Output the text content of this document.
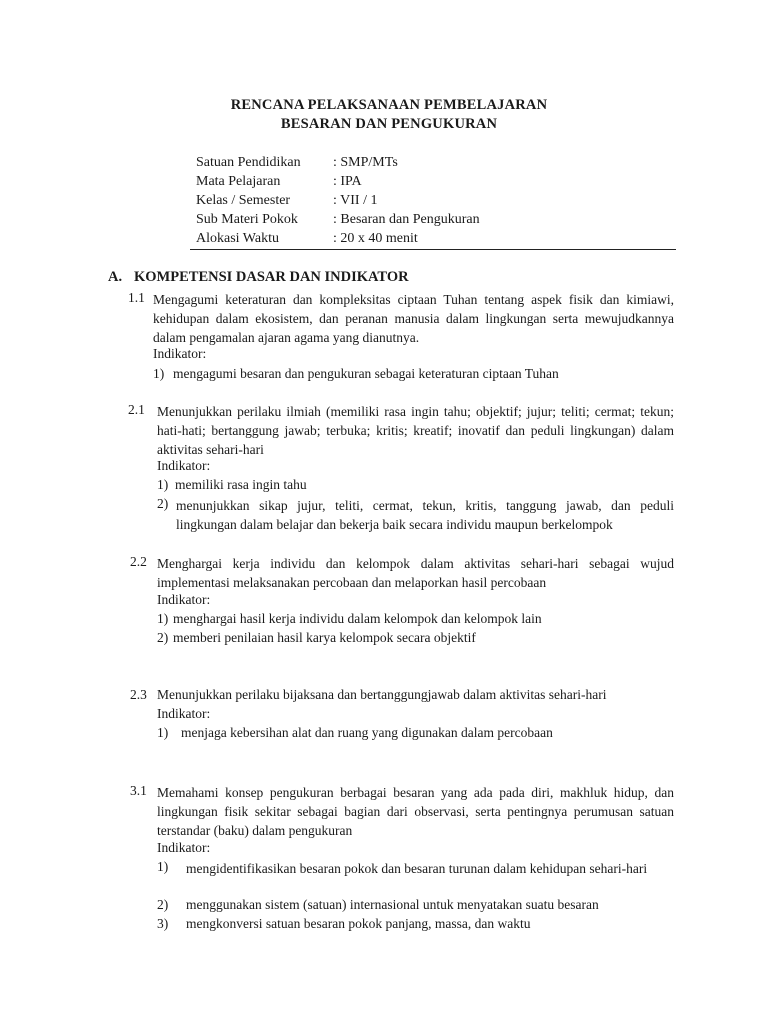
RENCANA PELAKSANAAN PEMBELAJARAN
BESARAN DAN PENGUKURAN
Satuan Pendidikan : SMP/MTs
Mata Pelajaran	: IPA
Kelas / Semester	: VII / 1
Sub Materi Pokok	: Besaran dan Pengukuran
Alokasi Waktu	: 20 x 40 menit
A. KOMPETENSI DASAR DAN INDIKATOR
1.1 Mengagumi keteraturan dan kompleksitas ciptaan Tuhan tentang aspek fisik dan kimiawi, kehidupan dalam ekosistem, dan peranan manusia dalam lingkungan serta mewujudkannya dalam pengamalan ajaran agama yang dianutnya.
Indikator:
1) mengagumi besaran dan pengukuran sebagai keteraturan ciptaan Tuhan
2.1 Menunjukkan perilaku ilmiah (memiliki rasa ingin tahu; objektif; jujur; teliti; cermat; tekun; hati-hati; bertanggung jawab; terbuka; kritis; kreatif; inovatif dan peduli lingkungan) dalam aktivitas sehari-hari
Indikator:
1) memiliki rasa ingin tahu
2) menunjukkan sikap jujur, teliti, cermat, tekun, kritis, tanggung jawab, dan peduli lingkungan dalam belajar dan bekerja baik secara individu maupun berkelompok
2.2 Menghargai kerja individu dan kelompok dalam aktivitas sehari-hari sebagai wujud implementasi melaksanakan percobaan dan melaporkan hasil percobaan
Indikator:
1) menghargai hasil kerja individu dalam kelompok dan kelompok lain
2) memberi penilaian hasil karya kelompok secara objektif
2.3 Menunjukkan perilaku bijaksana dan bertanggungjawab dalam aktivitas sehari-hari
Indikator:
1) menjaga kebersihan alat dan ruang yang digunakan dalam percobaan
3.1 Memahami konsep pengukuran berbagai besaran yang ada pada diri, makhluk hidup, dan lingkungan fisik sekitar sebagai bagian dari observasi, serta pentingnya perumusan satuan terstandar (baku) dalam pengukuran
Indikator:
1) mengidentifikasikan besaran pokok dan besaran turunan dalam kehidupan sehari-hari
2) menggunakan sistem (satuan) internasional untuk menyatakan suatu besaran
3) mengkonversi satuan besaran pokok panjang, massa, dan waktu
